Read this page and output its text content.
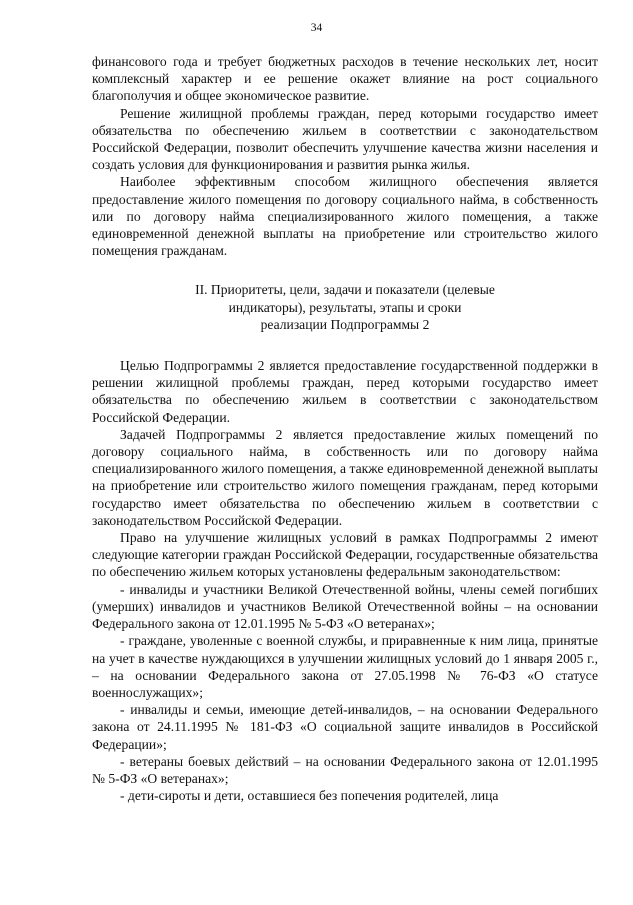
34

финансового года и требует бюджетных расходов в течение нескольких лет, носит комплексный характер и ее решение окажет влияние на рост социального благополучия и общее экономическое развитие.

Решение жилищной проблемы граждан, перед которыми государство имеет обязательства по обеспечению жильем в соответствии с законодательством Российской Федерации, позволит обеспечить улучшение качества жизни населения и создать условия для функционирования и развития рынка жилья.

Наиболее эффективным способом жилищного обеспечения является предоставление жилого помещения по договору социального найма, в собственность или по договору найма специализированного жилого помещения, а также единовременной денежной выплаты на приобретение или строительство жилого помещения гражданам.

II. Приоритеты, цели, задачи и показатели (целевые
индикаторы), результаты, этапы и сроки
реализации Подпрограммы 2

Целью Подпрограммы 2 является предоставление государственной поддержки в решении жилищной проблемы граждан, перед которыми государство имеет обязательства по обеспечению жильем в соответствии с законодательством Российской Федерации.

Задачей Подпрограммы 2 является предоставление жилых помещений по договору социального найма, в собственность или по договору найма специализированного жилого помещения, а также единовременной денежной выплаты на приобретение или строительство жилого помещения гражданам, перед которыми государство имеет обязательства по обеспечению жильем в соответствии с законодательством Российской Федерации.

Право на улучшение жилищных условий в рамках Подпрограммы 2 имеют следующие категории граждан Российской Федерации, государственные обязательства по обеспечению жильем которых установлены федеральным законодательством:

- инвалиды и участники Великой Отечественной войны, члены семей погибших (умерших) инвалидов и участников Великой Отечественной войны – на основании Федерального закона от 12.01.1995 № 5-ФЗ «О ветеранах»;

- граждане, уволенные с военной службы, и приравненные к ним лица, принятые на учет в качестве нуждающихся в улучшении жилищных условий до 1 января 2005 г., – на основании Федерального закона от 27.05.1998 № 76-ФЗ «О статусе военнослужащих»;

- инвалиды и семьи, имеющие детей-инвалидов, – на основании Федерального закона от 24.11.1995 № 181-ФЗ «О социальной защите инвалидов в Российской Федерации»;

- ветераны боевых действий – на основании Федерального закона от 12.01.1995 № 5-ФЗ «О ветеранах»;

- дети-сироты и дети, оставшиеся без попечения родителей, лица
